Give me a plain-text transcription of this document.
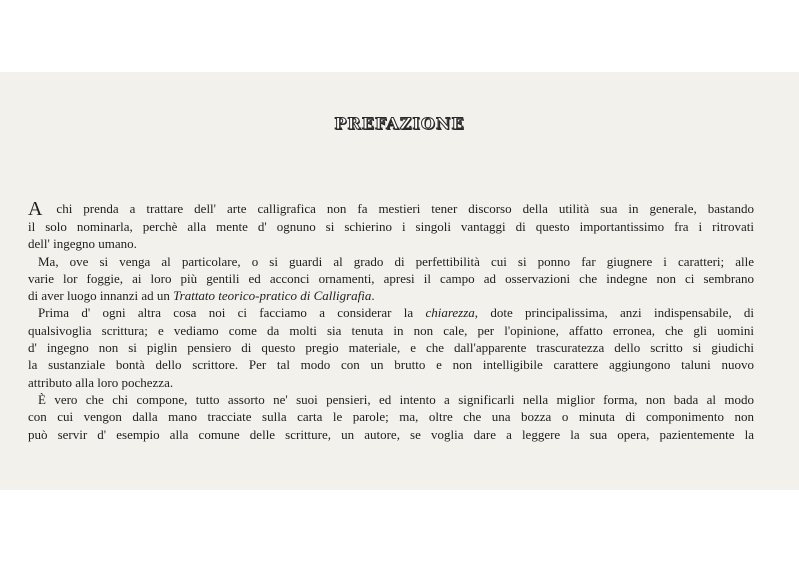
PREFAZIONE
A chi prenda a trattare dell' arte calligrafica non fa mestieri tener discorso della utilità sua in generale, bastando
il solo nominarla, perchè alla mente d' ognuno si schierino i singoli vantaggi di questo importantissimo fra i ritrovati
dell' ingegno umano.
Ma, ove si venga al particolare, o si guardi al grado di perfettibilità cui si ponno far giugnere i caratteri; alle
varie lor foggie, ai loro più gentili ed acconci ornamenti, apresi il campo ad osservazioni che indegne non ci sembrano
di aver luogo innanzi ad un Trattato teorico-pratico di Calligrafia.
Prima d' ogni altra cosa noi ci facciamo a considerar la chiarezza, dote principalissima, anzi indispensabile, di
qualsivoglia scrittura; e vediamo come da molti sia tenuta in non cale, per l'opinione, affatto erronea, che gli uomini
d' ingegno non si piglin pensiero di questo pregio materiale, e che dall'apparente trascuratezza dello scritto si giudichi
la sustanziale bontà dello scrittore. Per tal modo con un brutto e non intelligibile carattere aggiungono taluni nuovo
attributo alla loro pochezza.
È vero che chi compone, tutto assorto ne' suoi pensieri, ed intento a significarli nella miglior forma, non bada al modo
con cui vengon dalla mano tracciate sulla carta le parole; ma, oltre che una bozza o minuta di componimento non
può servir d' esempio alla comune delle scritture, un autore, se voglia dare a leggere la sua opera, pazientemente la
